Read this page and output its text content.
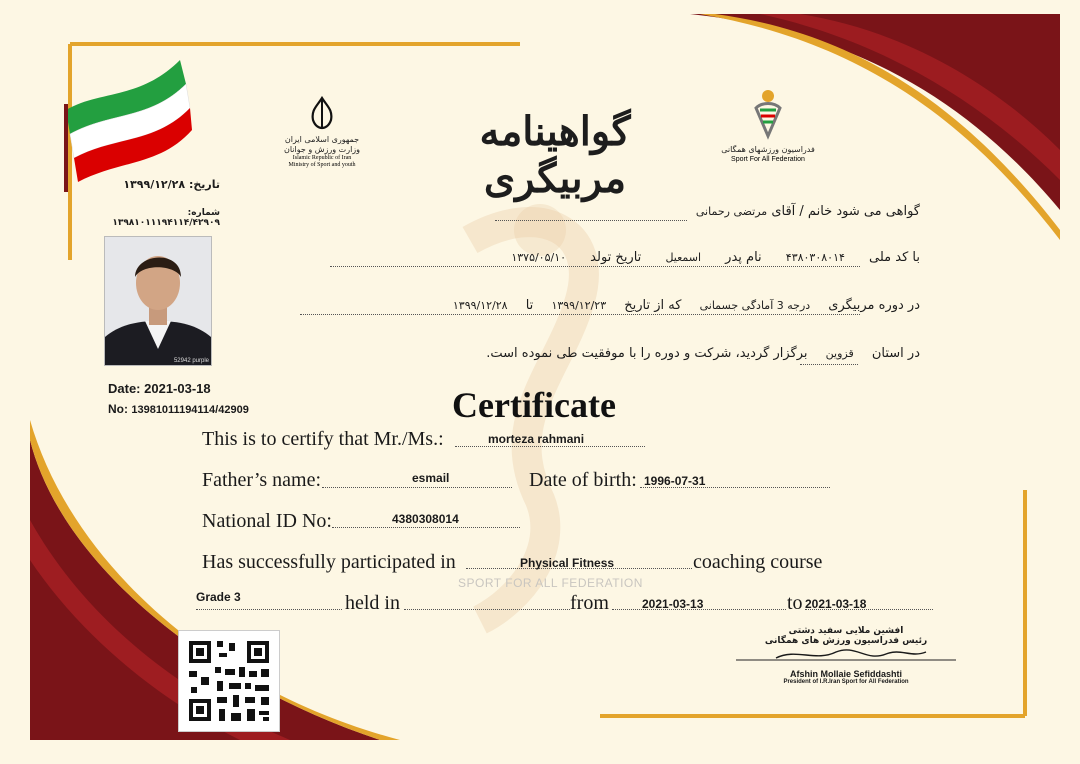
جمهوری اسلامی ایران
وزارت ورزش و جوانان
Islamic Republic of Iran
Ministry of Sport and youth
گواهینامه مربیگری
فدراسیون ورزشهای همگانی
Sport For All Federation
تاریخ: ۱۳۹۹/۱۲/۲۸
شماره: ۱۳۹۸۱۰۱۱۱۹۴۱۱۴/۴۲۹۰۹
گواهی می شود خانم / آقای مرتضی رحمانی
با کد ملی ۴۳۸۰۳۰۸۰۱۴ نام پدر اسمعیل تاریخ تولد ۱۳۷۵/۰۵/۱۰
در دوره مربیگری درجه 3 آمادگی جسمانی که از تاریخ ۱۳۹۹/۱۲/۲۳ تا ۱۳۹۹/۱۲/۲۸
در استان قزوین برگزار گردید، شرکت و دوره را با موفقیت طی نموده است.
52942 purple
Date: 2021-03-18
No: 13981011194114/42909	Certificate
This is to certify that Mr./Ms.:	morteza rahmani
Father’s name:	esmail	Date of birth: 1996-07-31
National ID No:	4380308014
Has successfully participated in	Physical Fitness	coaching course
SPORT FOR ALL FEDERATION
Grade 3	held in	from	2021-03-13	to 2021-03-18
افشین ملایی سفید دشتی
رئیس فدراسیون ورزش های همگانی
Afshin Mollaie Sefiddashti
President of I.R.Iran Sport for All Federation
